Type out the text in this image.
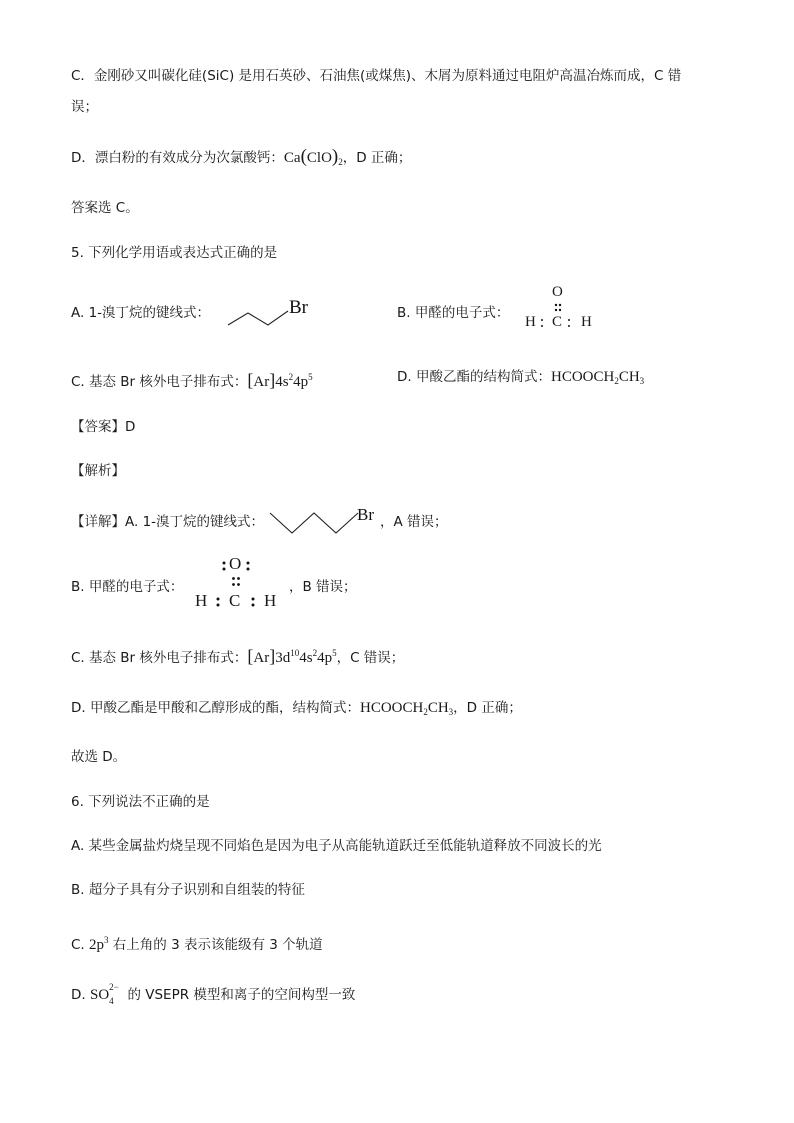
C．金刚砂又叫碳化硅(SiC) 是用石英砂、石油焦(或煤焦)、木屑为原料通过电阻炉高温冶炼而成，C 错
误；
D．漂白粉的有效成分为次氯酸钙：$Ca(ClO)_2$，D 正确；
答案选 C。
5. 下列化学用语或表达式正确的是
A. 1-溴丁烷的键线式：	Br	B. 甲醛的电子式：
O
H ∶ C ∶ H
C. 基态 Br 核外电子排布式：$[Ar]4s^24p^5$	D. 甲酸乙酯的结构简式：$HCOOCH_2CH_3$
【答案】D
【解析】
【详解】A. 1-溴丁烷的键线式：	Br ，A 错误；
B. 甲醛的电子式：
O
H C H
，B 错误；
C. 基态 Br 核外电子排布式：$[Ar]3d^{10}4s^24p^5$，C 错误；
D. 甲酸乙酯是甲酸和乙醇形成的酯，结构简式：$HCOOCH_2CH_3$，D 正确；
故选 D。
6. 下列说法不正确的是
A. 某些金属盐灼烧呈现不同焰色是因为电子从高能轨道跃迁至低能轨道释放不同波长的光
B. 超分子具有分子识别和自组装的特征
C. $2p^3$ 右上角的 3 表示该能级有 3 个轨道
D. SO 2−
4 的 VSEPR 模型和离子的空间构型一致
